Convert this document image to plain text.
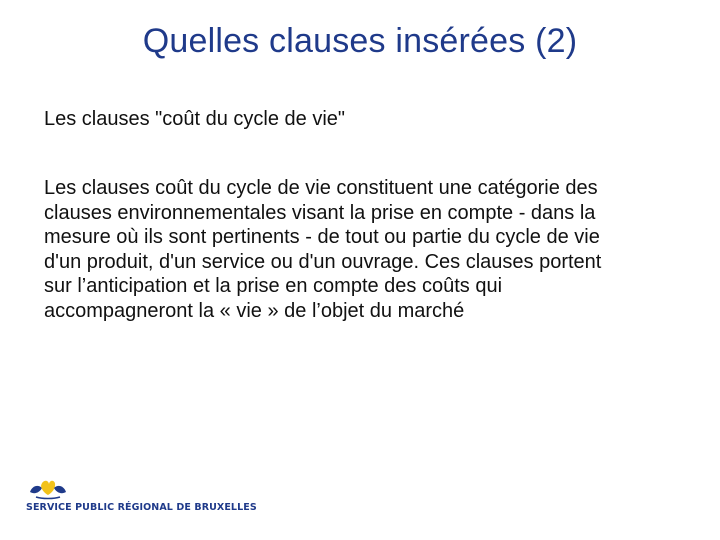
Quelles clauses insérées (2)

Les clauses "coût du cycle de vie"

Les clauses coût du cycle de vie constituent une catégorie des
clauses environnementales visant la prise en compte - dans la
mesure où ils sont pertinents - de tout ou partie du cycle de vie
d'un produit, d'un service ou d'un ouvrage. Ces clauses portent
sur l’anticipation et la prise en compte des coûts qui
accompagneront la « vie » de l’objet du marché

SERVICE PUBLIC RÉGIONAL DE BRUXELLES
